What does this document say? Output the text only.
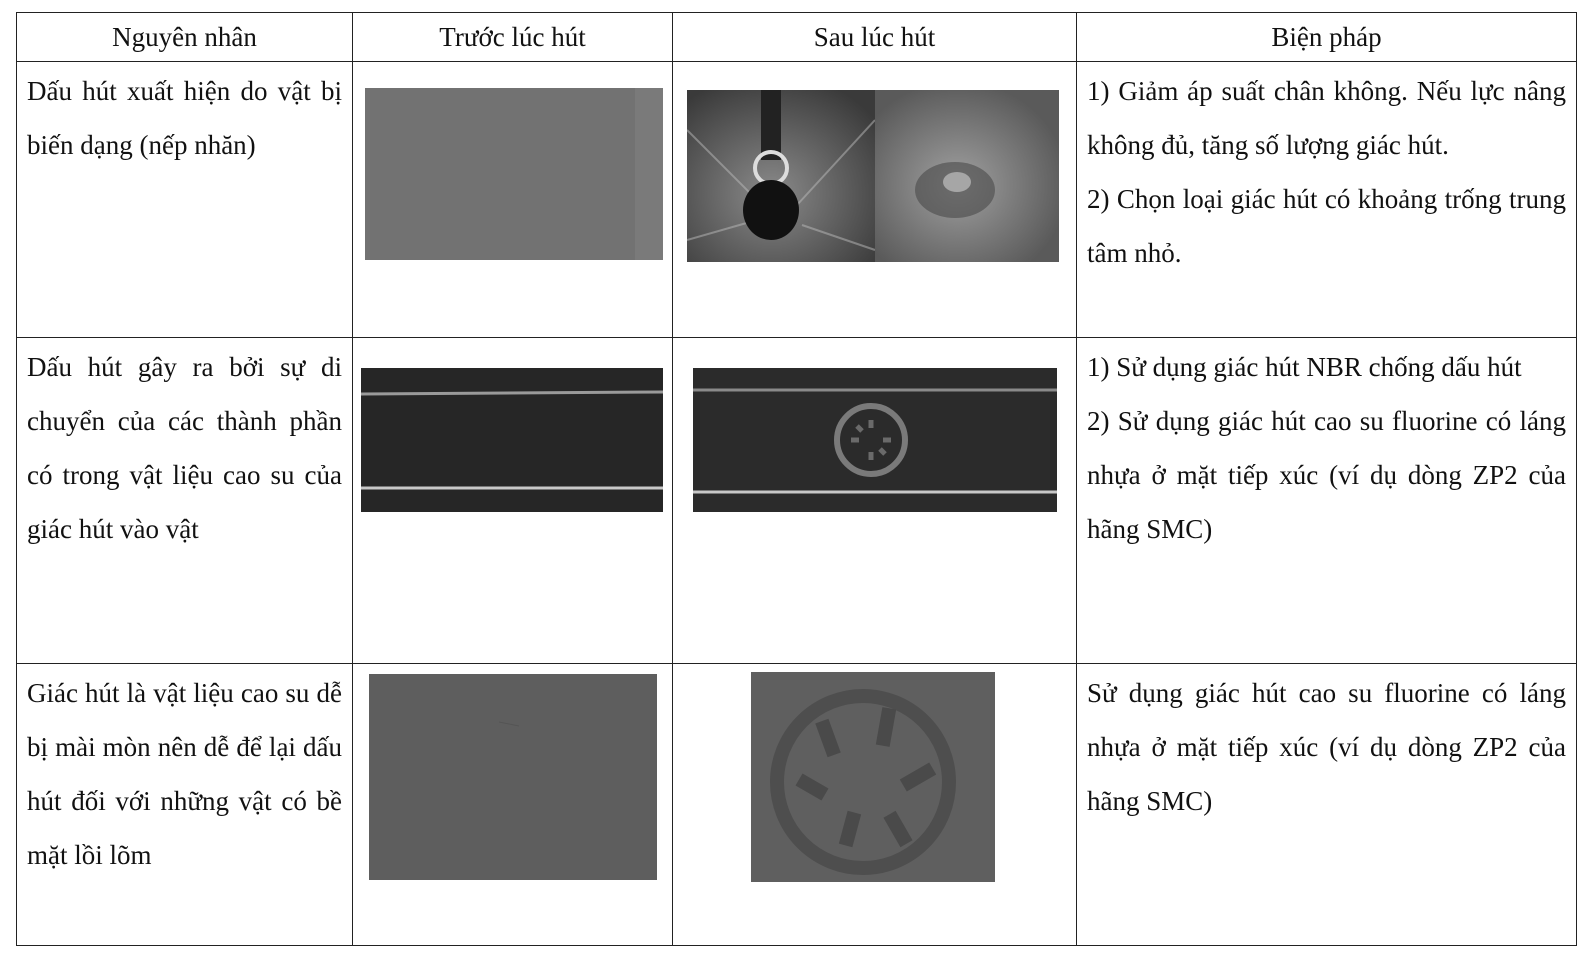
Nguyên nhân	Trước lúc hút	Sau lúc hút	Biện pháp

Dấu hút xuất hiện do vật bị biến dạng (nếp nhăn)			1) Giảm áp suất chân không. Nếu lực nâng không đủ, tăng số lượng giác hút.
2) Chọn loại giác hút có khoảng trống trung tâm nhỏ.

Dấu hút gây ra bởi sự di chuyển của các thành phần có trong vật liệu cao su của giác hút vào vật			1) Sử dụng giác hút NBR chống dấu hút
2) Sử dụng giác hút cao su fluorine có láng nhựa ở mặt tiếp xúc (ví dụ dòng ZP2 của hãng SMC)

Giác hút là vật liệu cao su dễ bị mài mòn nên dễ để lại dấu hút đối với những vật có bề mặt lồi lõm			Sử dụng giác hút cao su fluorine có láng nhựa ở mặt tiếp xúc (ví dụ dòng ZP2 của hãng SMC)
